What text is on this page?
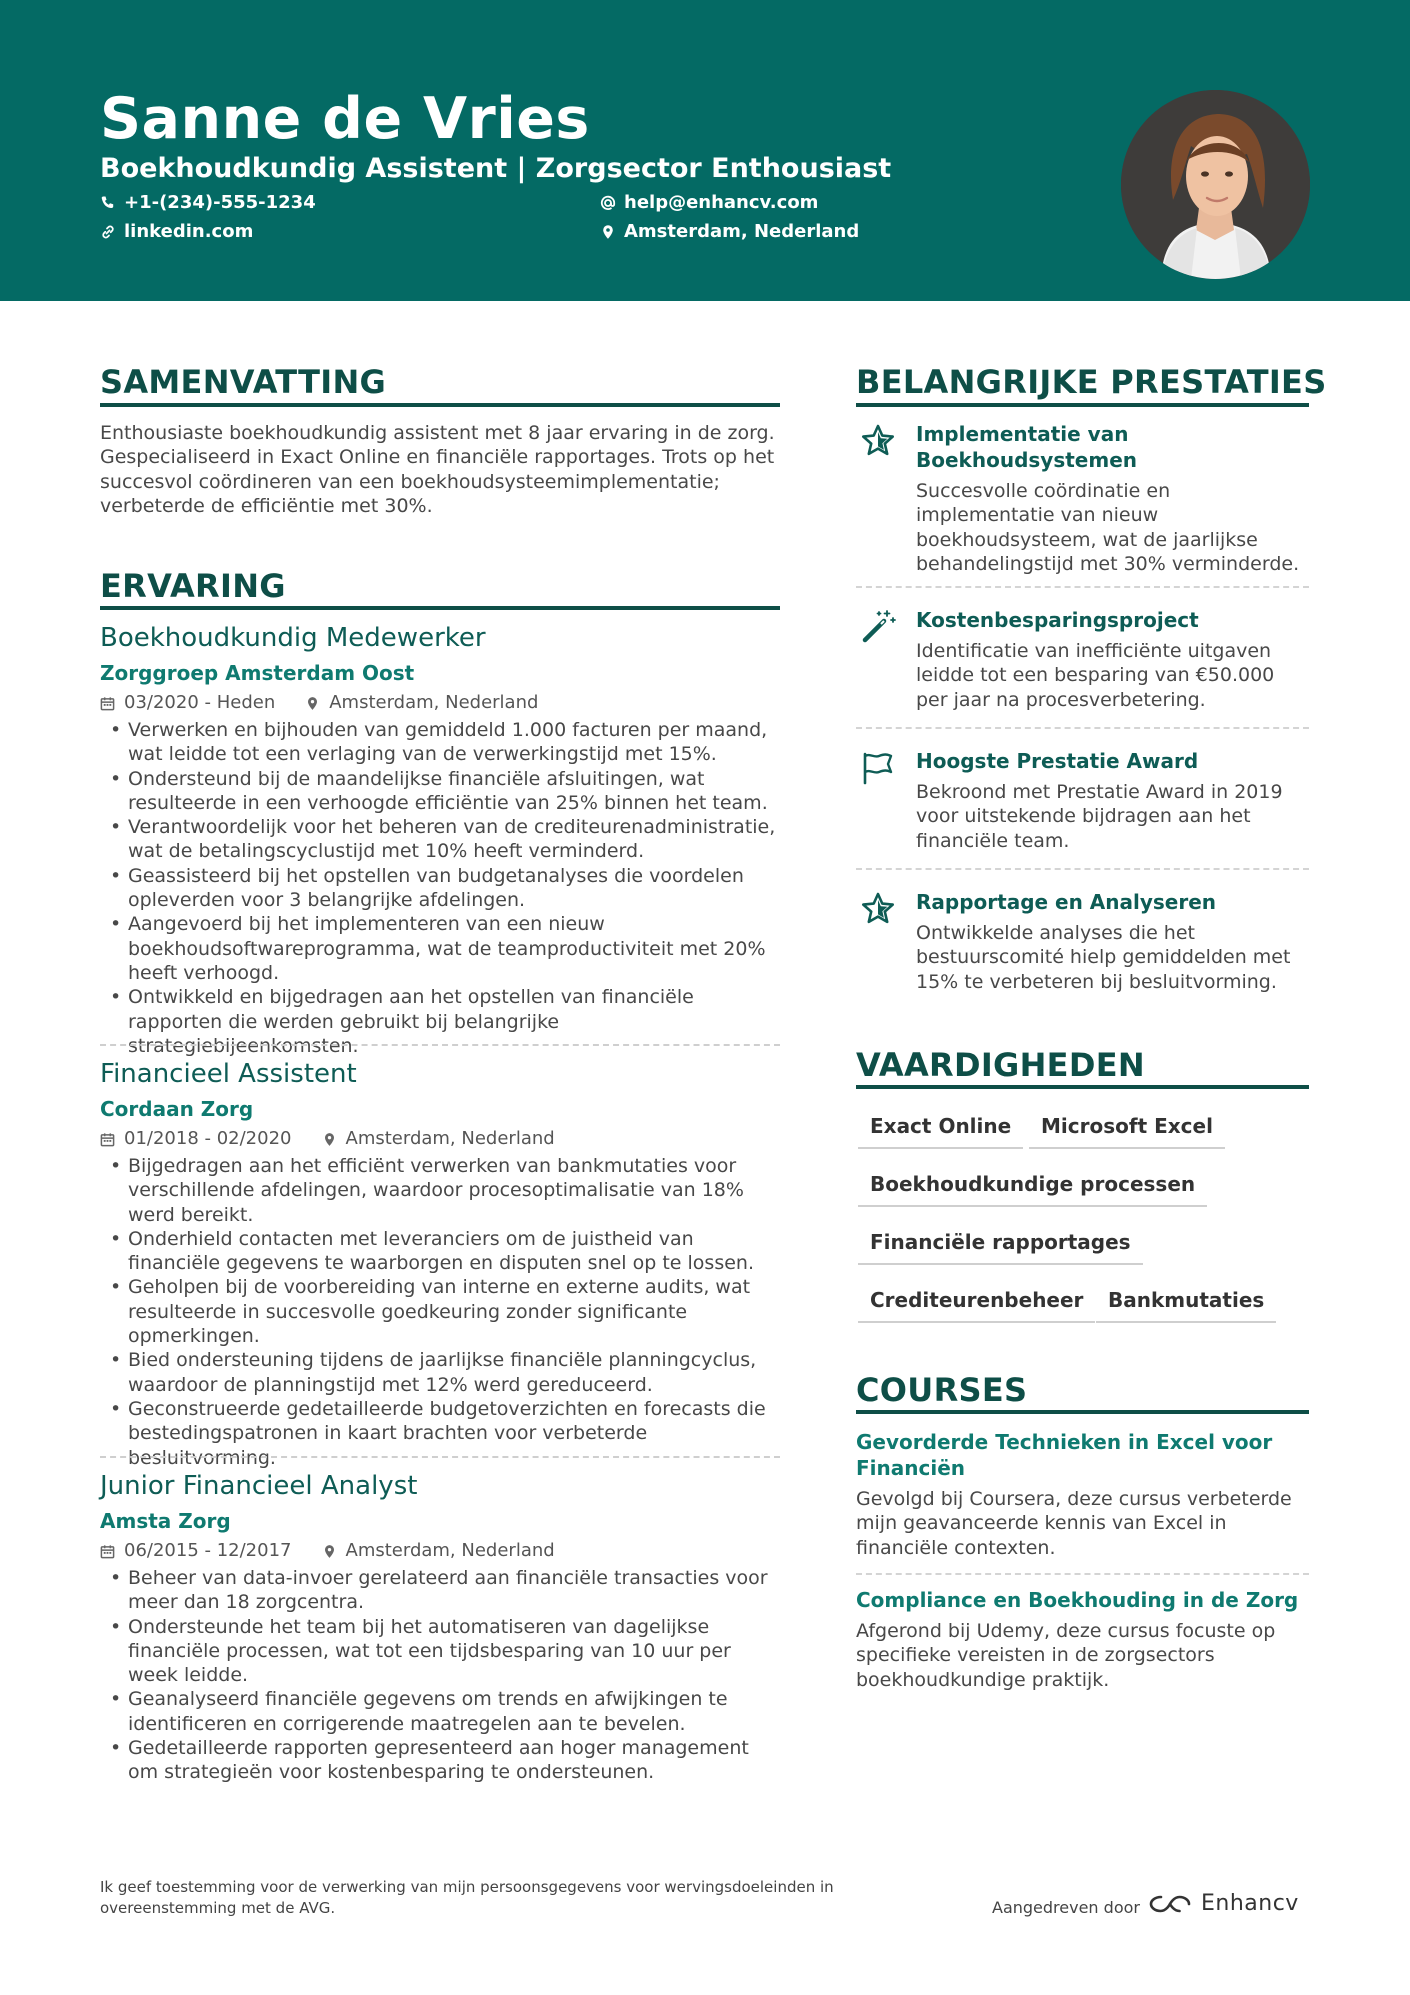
Sanne de Vries
Boekhoudkundig Assistent | Zorgsector Enthousiast
+1-(234)-555-1234	help@enhancv.com
linkedin.com	Amsterdam, Nederland
SAMENVATTING
Enthousiaste boekhoudkundig assistent met 8 jaar ervaring in de zorg. Gespecialiseerd in Exact Online en financiële rapportages. Trots op het succesvol coördineren van een boekhoudsysteemimplementatie; verbeterde de efficiëntie met 30%.
ERVARING
Boekhoudkundig Medewerker
Zorggroep Amsterdam Oost
03/2020 - Heden	Amsterdam, Nederland
• Verwerken en bijhouden van gemiddeld 1.000 facturen per maand, wat leidde tot een verlaging van de verwerkingstijd met 15%.
• Ondersteund bij de maandelijkse financiële afsluitingen, wat resulteerde in een verhoogde efficiëntie van 25% binnen het team.
• Verantwoordelijk voor het beheren van de crediteurenadministratie, wat de betalingscyclustijd met 10% heeft verminderd.
• Geassisteerd bij het opstellen van budgetanalyses die voordelen opleverden voor 3 belangrijke afdelingen.
• Aangevoerd bij het implementeren van een nieuw boekhoudsoftwareprogramma, wat de teamproductiviteit met 20% heeft verhoogd.
• Ontwikkeld en bijgedragen aan het opstellen van financiële rapporten die werden gebruikt bij belangrijke strategiebijeenkomsten.
Financieel Assistent
Cordaan Zorg
01/2018 - 02/2020	Amsterdam, Nederland
• Bijgedragen aan het efficiënt verwerken van bankmutaties voor verschillende afdelingen, waardoor procesoptimalisatie van 18% werd bereikt.
• Onderhield contacten met leveranciers om de juistheid van financiële gegevens te waarborgen en disputen snel op te lossen.
• Geholpen bij de voorbereiding van interne en externe audits, wat resulteerde in succesvolle goedkeuring zonder significante opmerkingen.
• Bied ondersteuning tijdens de jaarlijkse financiële planningcyclus, waardoor de planningstijd met 12% werd gereduceerd.
• Geconstrueerde gedetailleerde budgetoverzichten en forecasts die bestedingspatronen in kaart brachten voor verbeterde besluitvorming.
Junior Financieel Analyst
Amsta Zorg
06/2015 - 12/2017	Amsterdam, Nederland
• Beheer van data-invoer gerelateerd aan financiële transacties voor meer dan 18 zorgcentra.
• Ondersteunde het team bij het automatiseren van dagelijkse financiële processen, wat tot een tijdsbesparing van 10 uur per week leidde.
• Geanalyseerd financiële gegevens om trends en afwijkingen te identificeren en corrigerende maatregelen aan te bevelen.
• Gedetailleerde rapporten gepresenteerd aan hoger management om strategieën voor kostenbesparing te ondersteunen.
BELANGRIJKE PRESTATIES
Implementatie van Boekhoudsystemen
Succesvolle coördinatie en implementatie van nieuw boekhoudsysteem, wat de jaarlijkse behandelingstijd met 30% verminderde.
Kostenbesparingsproject
Identificatie van inefficiënte uitgaven leidde tot een besparing van €50.000 per jaar na procesverbetering.
Hoogste Prestatie Award
Bekroond met Prestatie Award in 2019 voor uitstekende bijdragen aan het financiële team.
Rapportage en Analyseren
Ontwikkelde analyses die het bestuurscomité hielp gemiddelden met 15% te verbeteren bij besluitvorming.
VAARDIGHEDEN
Exact Online	Microsoft Excel
Boekhoudkundige processen
Financiële rapportages
Crediteurenbeheer	Bankmutaties
COURSES
Gevorderde Technieken in Excel voor Financiën
Gevolgd bij Coursera, deze cursus verbeterde mijn geavanceerde kennis van Excel in financiële contexten.
Compliance en Boekhouding in de Zorg
Afgerond bij Udemy, deze cursus focuste op specifieke vereisten in de zorgsectors boekhoudkundige praktijk.
Ik geef toestemming voor de verwerking van mijn persoonsgegevens voor wervingsdoeleinden in overeenstemming met de AVG.	Aangedreven door	Enhancv
